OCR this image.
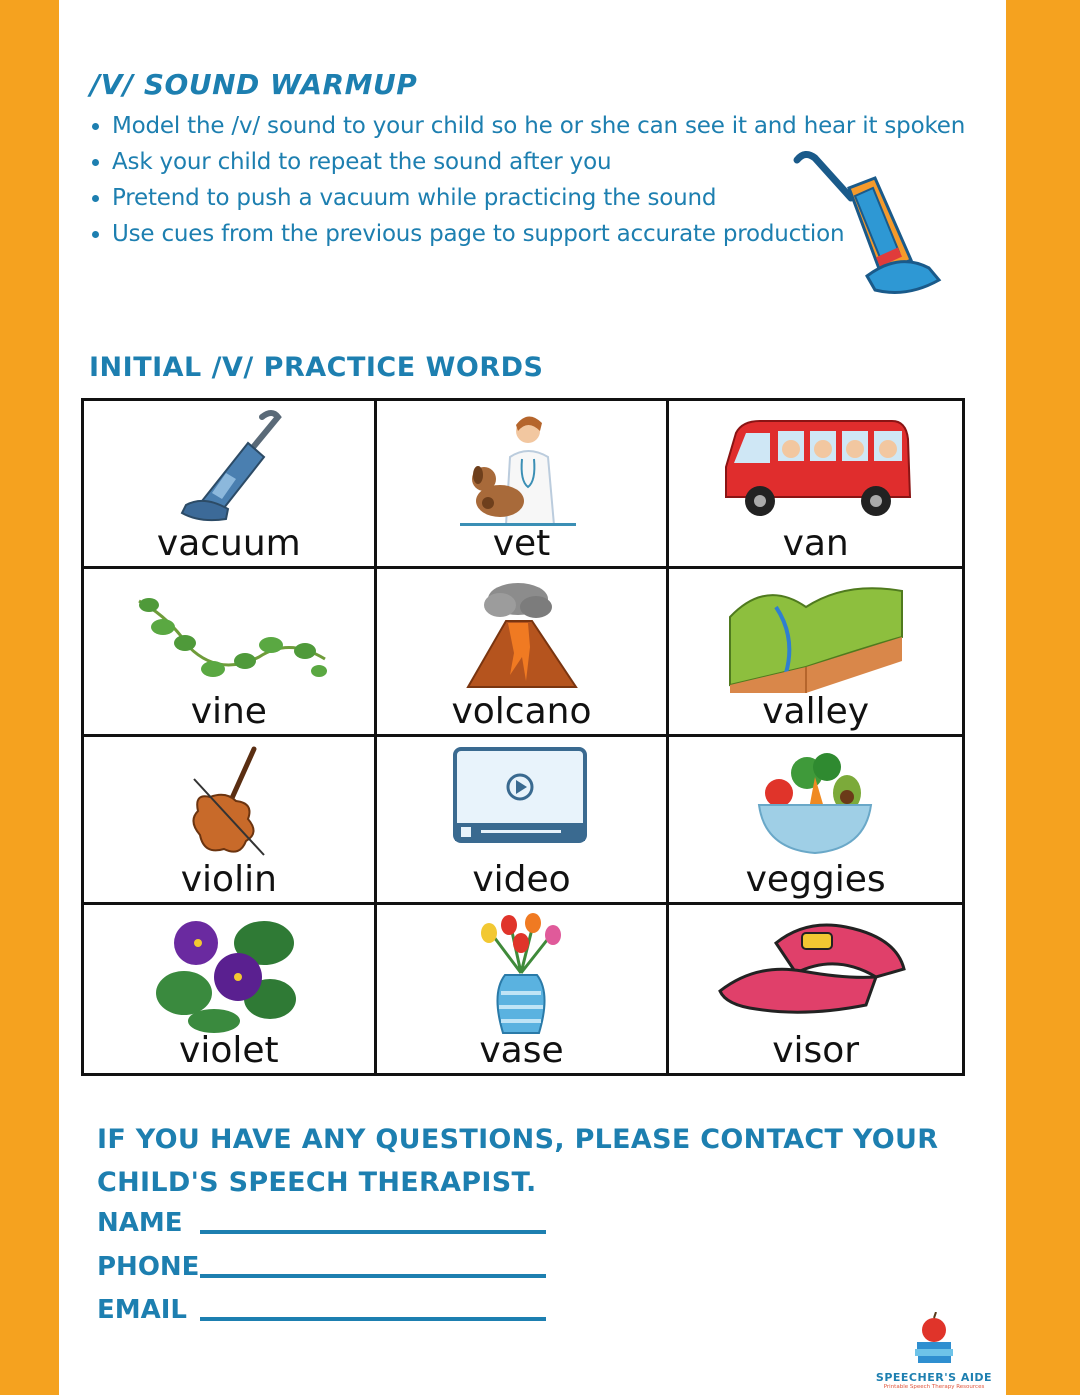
/V/ SOUND WARMUP
• Model the /v/ sound to your child so he or she can see it and hear it spoken
• Ask your child to repeat the sound after you
• Pretend to push a vacuum while practicing the sound
• Use cues from the previous page to support accurate production
INITIAL /V/ PRACTICE WORDS
vacuum	vet	van
vine	volcano	valley
violin	video	veggies
violet	vase	visor
IF YOU HAVE ANY QUESTIONS, PLEASE CONTACT YOUR
CHILD'S SPEECH THERAPIST.
NAME
PHONE
EMAIL
SPEECHER'S AIDE
Printable Speech Therapy Resources
